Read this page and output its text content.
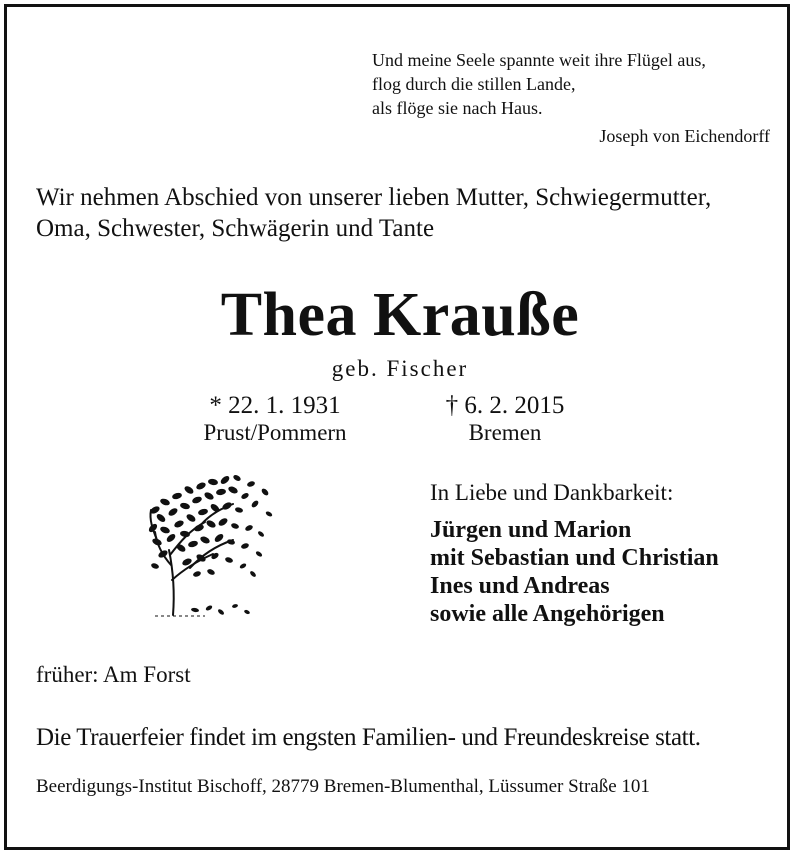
Und meine Seele spannte weit ihre Flügel aus,
flog durch die stillen Lande,
als flöge sie nach Haus.
Joseph von Eichendorff
Wir nehmen Abschied von unserer lieben Mutter, Schwiegermutter,
Oma, Schwester, Schwägerin und Tante
Thea Krauße
geb. Fischer
* 22. 1. 1931
Prust/Pommern
† 6. 2. 2015
Bremen
In Liebe und Dankbarkeit:
Jürgen und Marion
mit Sebastian und Christian
Ines und Andreas
sowie alle Angehörigen
früher: Am Forst
Die Trauerfeier findet im engsten Familien- und Freundeskreise statt.
Beerdigungs-Institut Bischoff, 28779 Bremen-Blumenthal, Lüssumer Straße 101
